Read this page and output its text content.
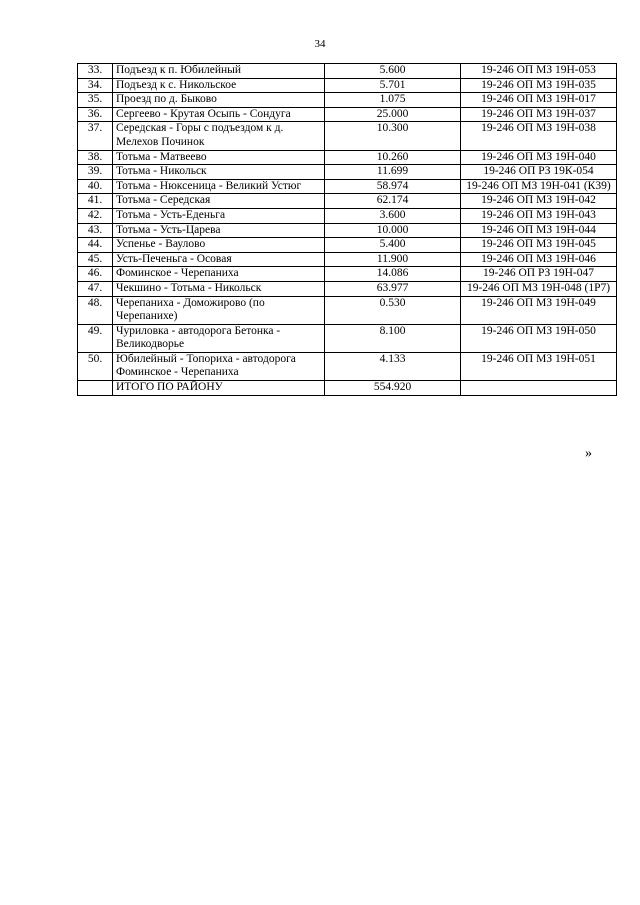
34
33.	Подъезд к п. Юбилейный	5.600	19-246 ОП МЗ 19Н-053
34.	Подъезд к с. Никольское	5.701	19-246 ОП МЗ 19Н-035
35.	Проезд по д. Быково	1.075	19-246 ОП МЗ 19Н-017
36.	Сергеево - Крутая Осыпь - Сондуга	25.000	19-246 ОП МЗ 19Н-037
37.	Середская - Горы с подъездом к д. Мелехов Починок	10.300	19-246 ОП МЗ 19Н-038
38.	Тотьма - Матвеево	10.260	19-246 ОП МЗ 19Н-040
39.	Тотьма - Никольск	11.699	19-246 ОП РЗ 19К-054
40.	Тотьма - Нюксеница - Великий Устюг	58.974	19-246 ОП МЗ 19Н-041 (К39)
41.	Тотьма - Середская	62.174	19-246 ОП МЗ 19Н-042
42.	Тотьма - Усть-Еденьга	3.600	19-246 ОП МЗ 19Н-043
43.	Тотьма - Усть-Царева	10.000	19-246 ОП МЗ 19Н-044
44.	Успенье - Ваулово	5.400	19-246 ОП МЗ 19Н-045
45.	Усть-Печеньга - Осовая	11.900	19-246 ОП МЗ 19Н-046
46.	Фоминское - Черепаниха	14.086	19-246 ОП РЗ 19Н-047
47.	Чекшино - Тотьма - Никольск	63.977	19-246 ОП МЗ 19Н-048 (1Р7)
48.	Черепаниха - Доможирово (по Черепанихе)	0.530	19-246 ОП МЗ 19Н-049
49.	Чуриловка - автодорога Бетонка - Великодворье	8.100	19-246 ОП МЗ 19Н-050
50.	Юбилейный - Топориха - автодорога Фоминское - Черепаниха	4.133	19-246 ОП МЗ 19Н-051
	ИТОГО ПО РАЙОНУ	554.920	
»
